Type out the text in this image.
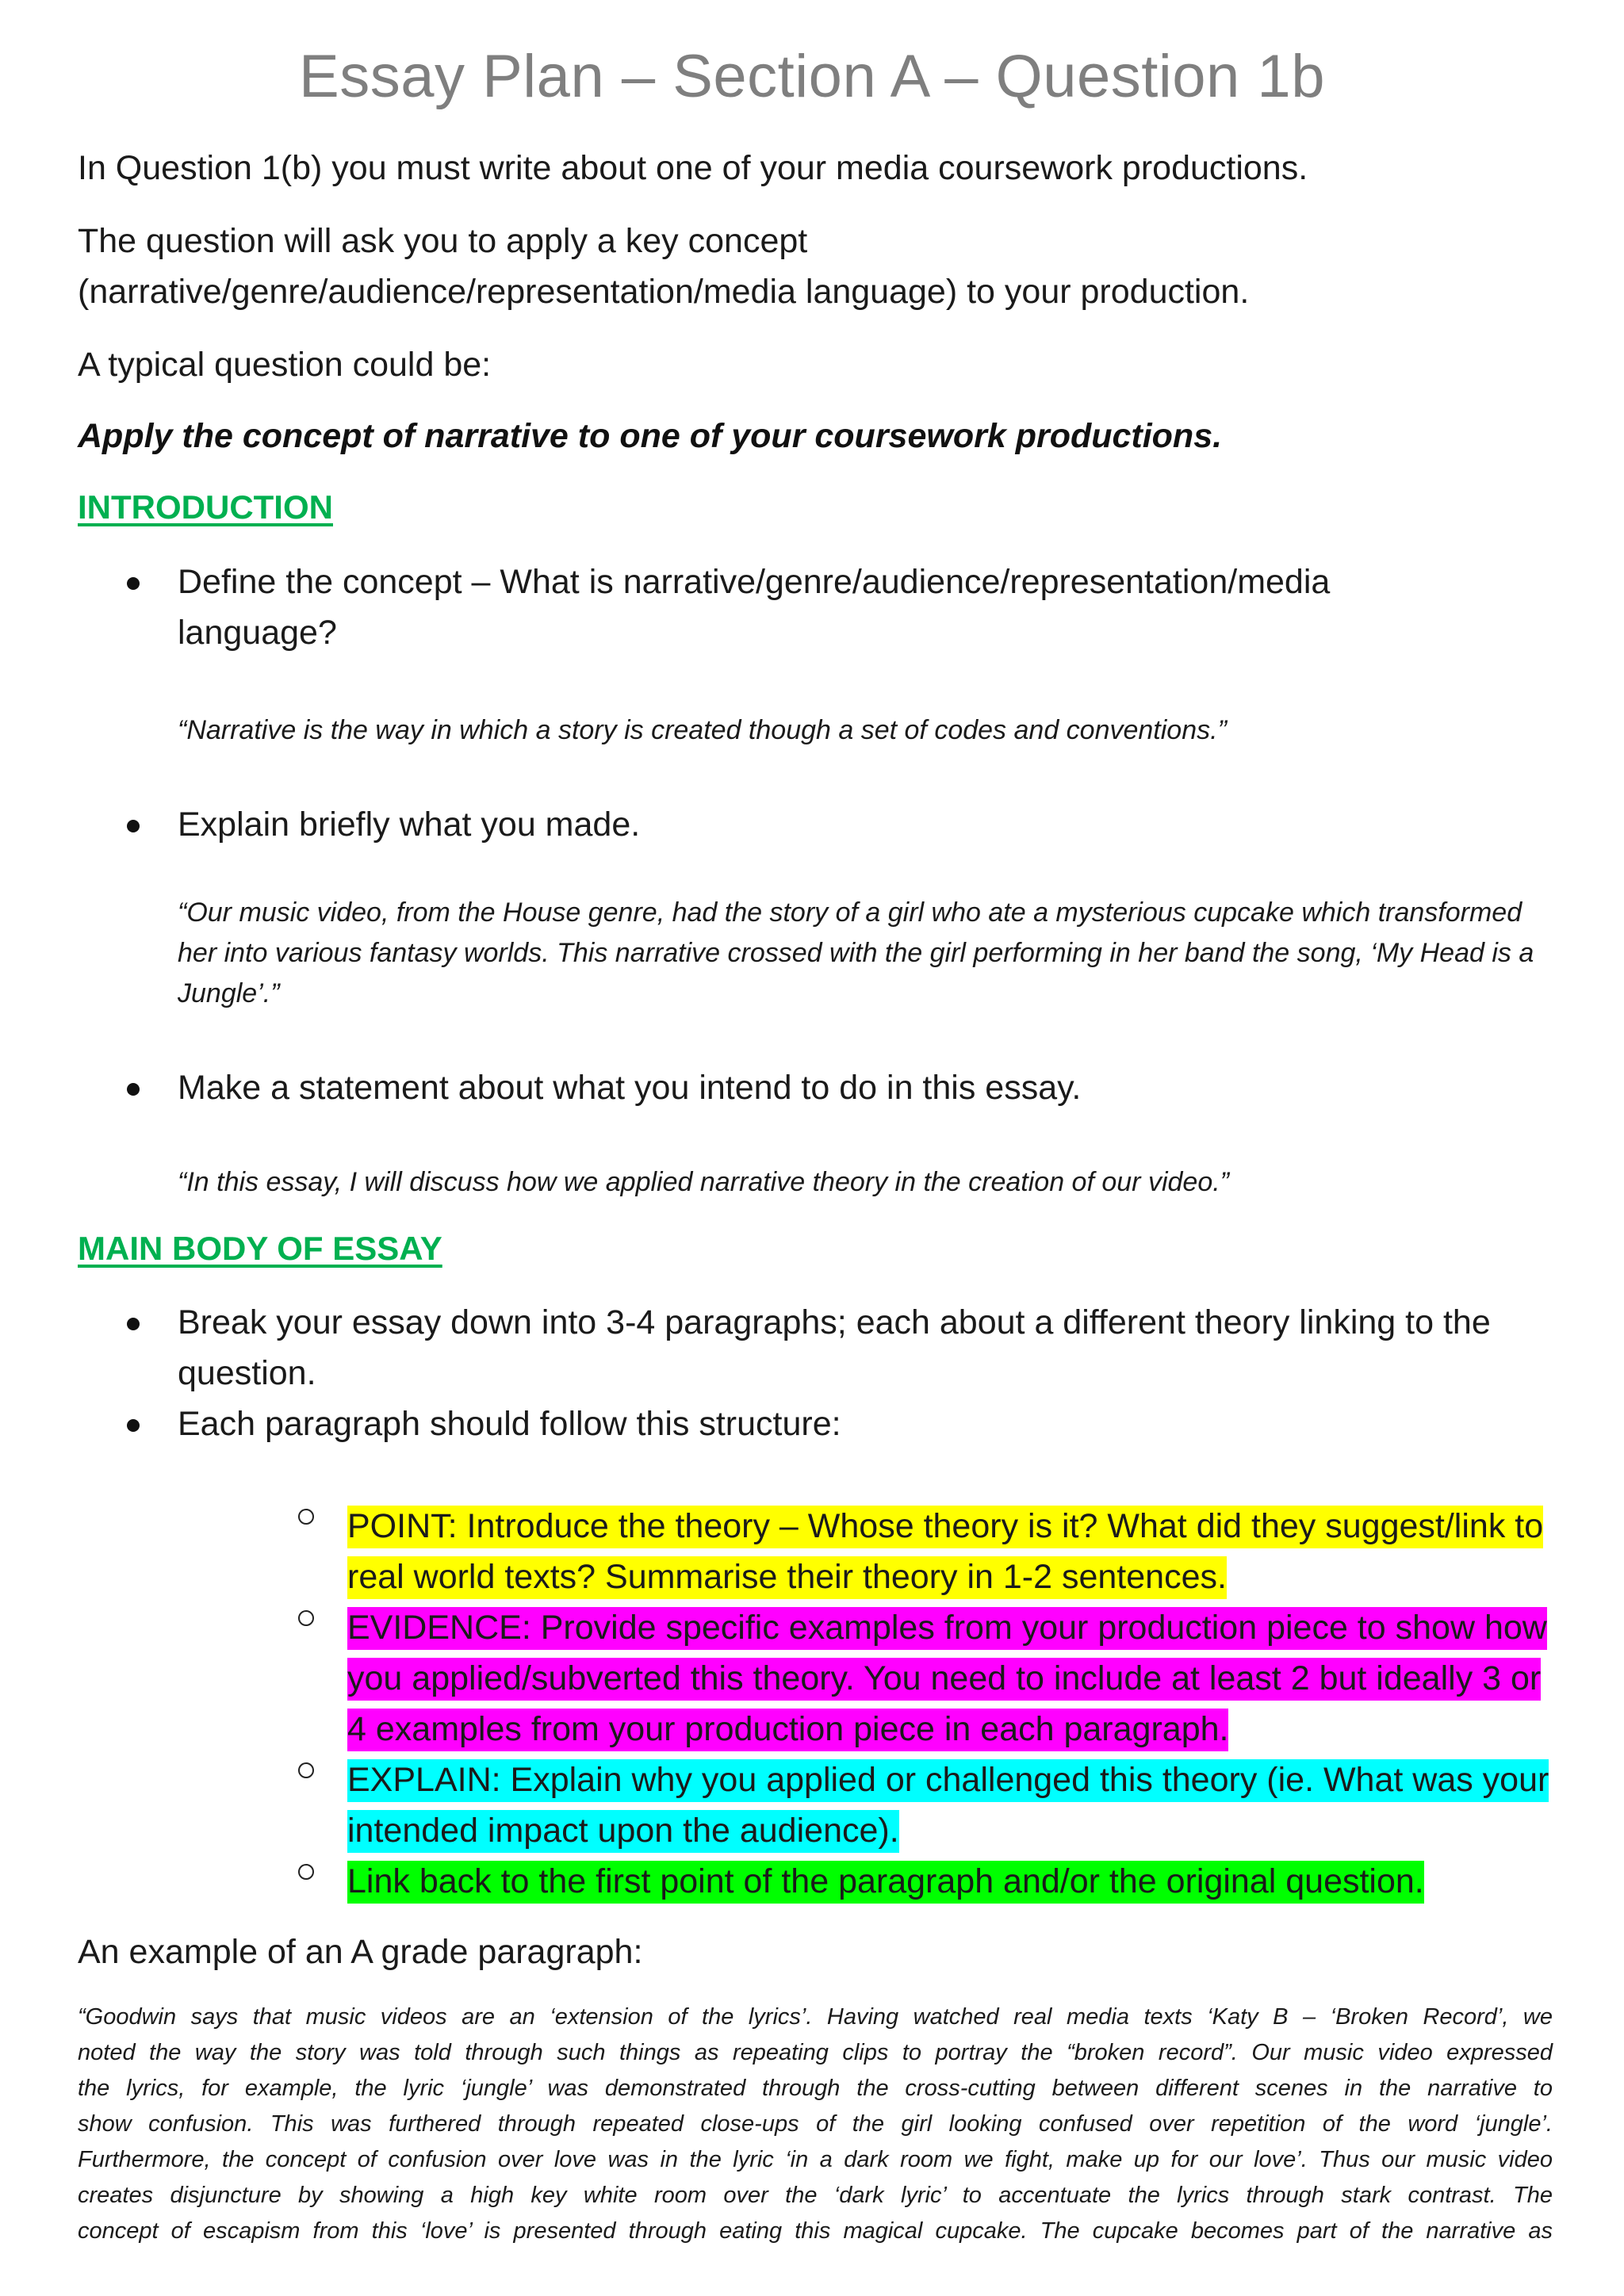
Essay Plan – Section A – Question 1b
In Question 1(b) you must write about one of your media coursework productions.
The question will ask you to apply a key concept (narrative/genre/audience/representation/media language) to your production.
A typical question could be:
Apply the concept of narrative to one of your coursework productions.
INTRODUCTION
Define the concept – What is narrative/genre/audience/representation/media language?
“Narrative is the way in which a story is created though a set of codes and conventions.”
Explain briefly what you made.
“Our music video, from the House genre, had the story of a girl who ate a mysterious cupcake which transformed her into various fantasy worlds. This narrative crossed with the girl performing in her band the song, ‘My Head is a Jungle’.”
Make a statement about what you intend to do in this essay.
“In this essay, I will discuss how we applied narrative theory in the creation of our video.”
MAIN BODY OF ESSAY
Break your essay down into 3-4 paragraphs; each about a different theory linking to the question.
Each paragraph should follow this structure:
POINT: Introduce the theory – Whose theory is it? What did they suggest/link to real world texts? Summarise their theory in 1-2 sentences.
EVIDENCE: Provide specific examples from your production piece to show how you applied/subverted this theory. You need to include at least 2 but ideally 3 or 4 examples from your production piece in each paragraph.
EXPLAIN: Explain why you applied or challenged this theory (ie. What was your intended impact upon the audience).
Link back to the first point of the paragraph and/or the original question.
An example of an A grade paragraph:
“Goodwin says that music videos are an ‘extension of the lyrics’. Having watched real media texts ‘Katy B – ‘Broken Record’, we
noted the way the story was told through such things as repeating clips to portray the “broken record”. Our music video expressed
the lyrics, for example, the lyric ‘jungle’ was demonstrated through the cross-cutting between different scenes in the narrative to
show confusion. This was furthered through repeated close-ups of the girl looking confused over repetition of the word ‘jungle’.
Furthermore, the concept of confusion over love was in the lyric ‘in a dark room we fight, make up for our love’. Thus our music video
creates disjuncture by showing a high key white room over the ‘dark lyric’ to accentuate the lyrics through stark contrast. The
concept of escapism from this ‘love’ is presented through eating this magical cupcake. The cupcake becomes part of the narrative as
